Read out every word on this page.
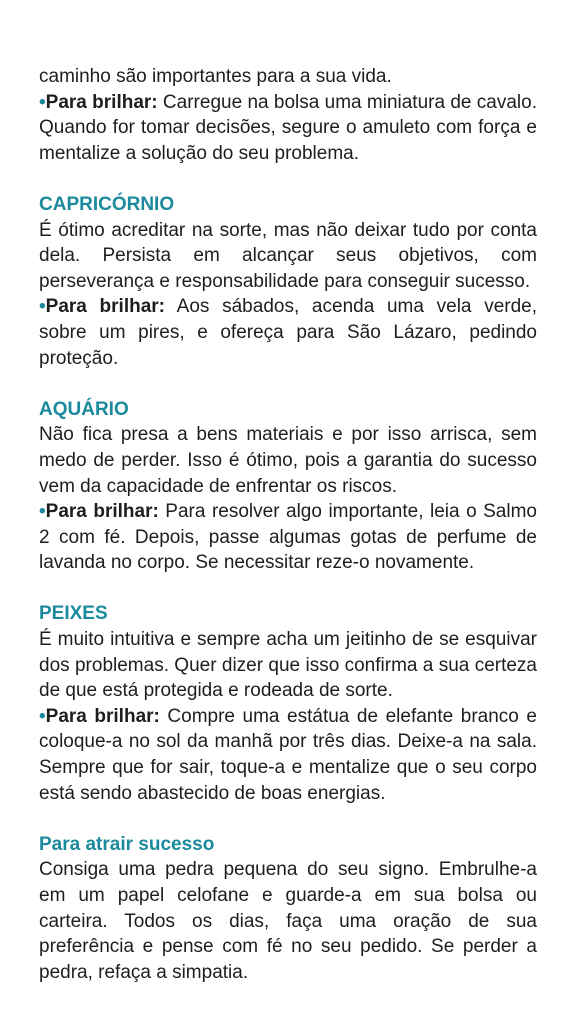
caminho são importantes para a sua vida.
•Para brilhar: Carregue na bolsa uma miniatura de cavalo. Quando for tomar decisões, segure o amuleto com força e mentalize a solução do seu problema.
CAPRICÓRNIO
É ótimo acreditar na sorte, mas não deixar tudo por conta dela. Persista em alcançar seus objetivos, com perseverança e responsabilidade para conseguir sucesso.
•Para brilhar: Aos sábados, acenda uma vela verde, sobre um pires, e ofereça para São Lázaro, pedindo proteção.
AQUÁRIO
Não fica presa a bens materiais e por isso arrisca, sem medo de perder. Isso é ótimo, pois a garantia do sucesso vem da capacidade de enfrentar os riscos.
•Para brilhar: Para resolver algo importante, leia o Salmo 2 com fé. Depois, passe algumas gotas de perfume de lavanda no corpo. Se necessitar reze-o novamente.
PEIXES
É muito intuitiva e sempre acha um jeitinho de se esquivar dos problemas. Quer dizer que isso confirma a sua certeza de que está protegida e rodeada de sorte.
•Para brilhar: Compre uma estátua de elefante branco e coloque-a no sol da manhã por três dias. Deixe-a na sala. Sempre que for sair, toque-a e mentalize que o seu corpo está sendo abastecido de boas energias.
Para atrair sucesso
Consiga uma pedra pequena do seu signo. Embrulhe-a em um papel celofane e guarde-a em sua bolsa ou carteira. Todos os dias, faça uma oração de sua preferência e pense com fé no seu pedido. Se perder a pedra, refaça a simpatia.
